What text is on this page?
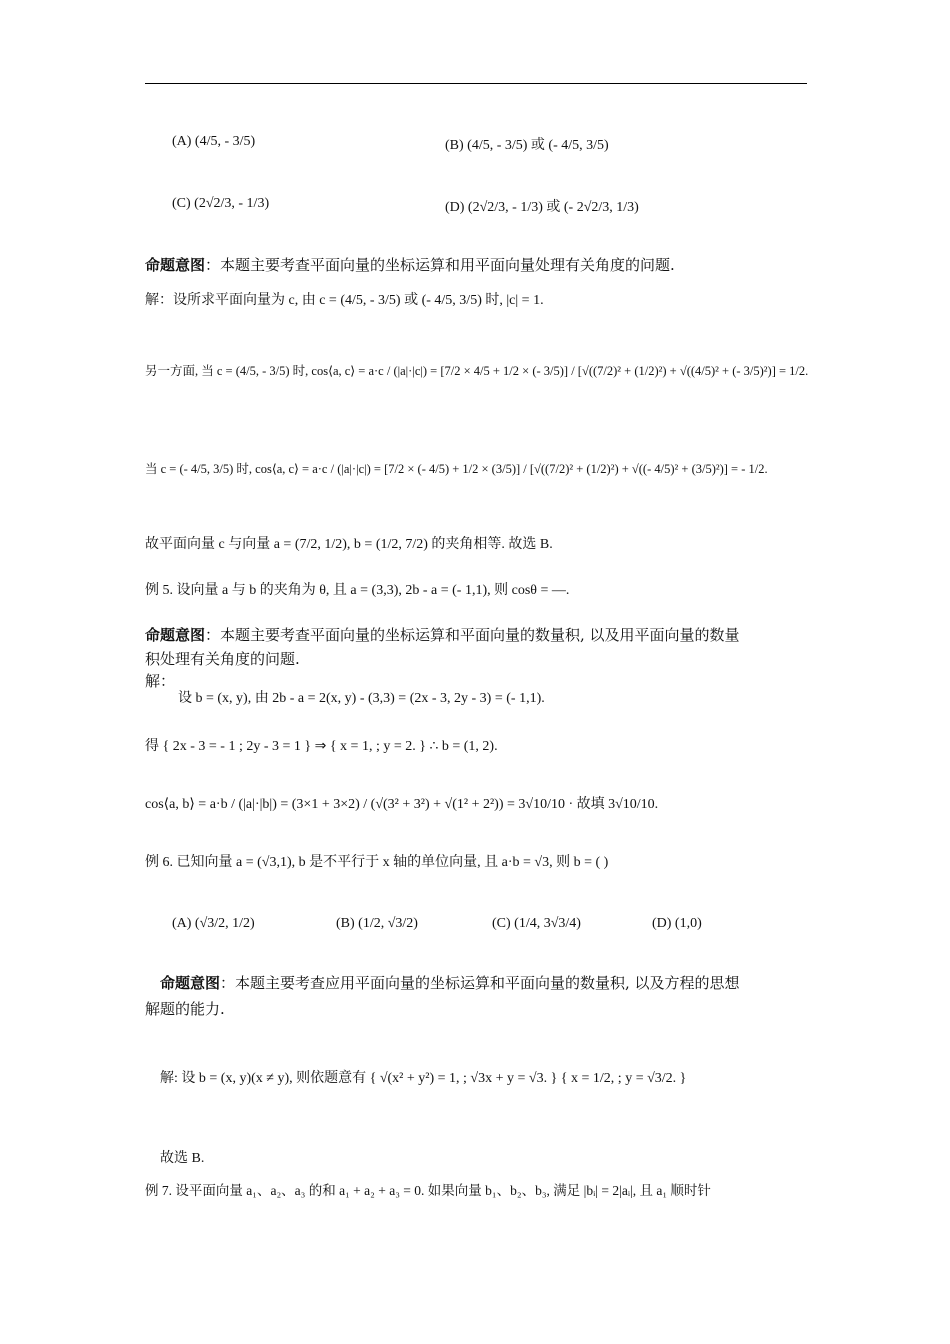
(A) (4/5, - 3/5)	(B) (4/5, - 3/5) 或 (- 4/5, 3/5)
(C) (2√2/3, - 1/3)	(D) (2√2/3, - 1/3) 或 (- 2√2/3, 1/3)
命题意图：本题主要考查平面向量的坐标运算和用平面向量处理有关角度的问题.
解：设所求平面向量为 c, 由 c = (4/5, - 3/5) 或 (- 4/5, 3/5) 时, |c| = 1.
另一方面, 当 c = (4/5, - 3/5) 时, cos⟨a, c⟩ = a·c / (|a|·|c|) = [7/2 × 4/5 + 1/2 × (- 3/5)] / [√((7/2)² + (1/2)²) + √((4/5)² + (- 3/5)²)] = 1/2.
当 c = (- 4/5, 3/5) 时, cos⟨a, c⟩ = a·c / (|a|·|c|) = [7/2 × (- 4/5) + 1/2 × (3/5)] / [√((7/2)² + (1/2)²) + √((- 4/5)² + (3/5)²)] = - 1/2.
故平面向量 c 与向量 a = (7/2, 1/2), b = (1/2, 7/2) 的夹角相等. 故选 B.
例 5. 设向量 a 与 b 的夹角为 θ, 且 a = (3,3), 2b - a = (- 1,1), 则 cosθ = —.
命题意图：本题主要考查平面向量的坐标运算和平面向量的数量积, 以及用平面向量的数量
积处理有关角度的问题.
解：
设 b = (x, y), 由 2b - a = 2(x, y) - (3,3) = (2x - 3, 2y - 3) = (- 1,1).
得 { 2x - 3 = - 1 ; 2y - 3 = 1 } ⇒ { x = 1, ; y = 2. } ∴ b = (1, 2).
cos⟨a, b⟩ = a·b / (|a|·|b|) = (3×1 + 3×2) / (√(3² + 3²) + √(1² + 2²)) = 3√10/10 · 故填 3√10/10.
例 6. 已知向量 a = (√3,1), b 是不平行于 x 轴的单位向量, 且 a·b = √3, 则 b = ( )
(A) (√3/2, 1/2)	(B) (1/2, √3/2)	(C) (1/4, 3√3/4)	(D) (1,0)
命题意图：本题主要考查应用平面向量的坐标运算和平面向量的数量积, 以及方程的思想
解题的能力.
解: 设 b = (x, y)(x ≠ y), 则依题意有 { √(x² + y²) = 1, ; √3x + y = √3. } { x = 1/2, ; y = √3/2. }
故选 B.
例 7. 设平面向量 a₁、a₂、a₃ 的和 a₁ + a₂ + a₃ = 0. 如果向量 b₁、b₂、b₃, 满足 |bᵢ| = 2|aᵢ|, 且 a₁ 顺时针
